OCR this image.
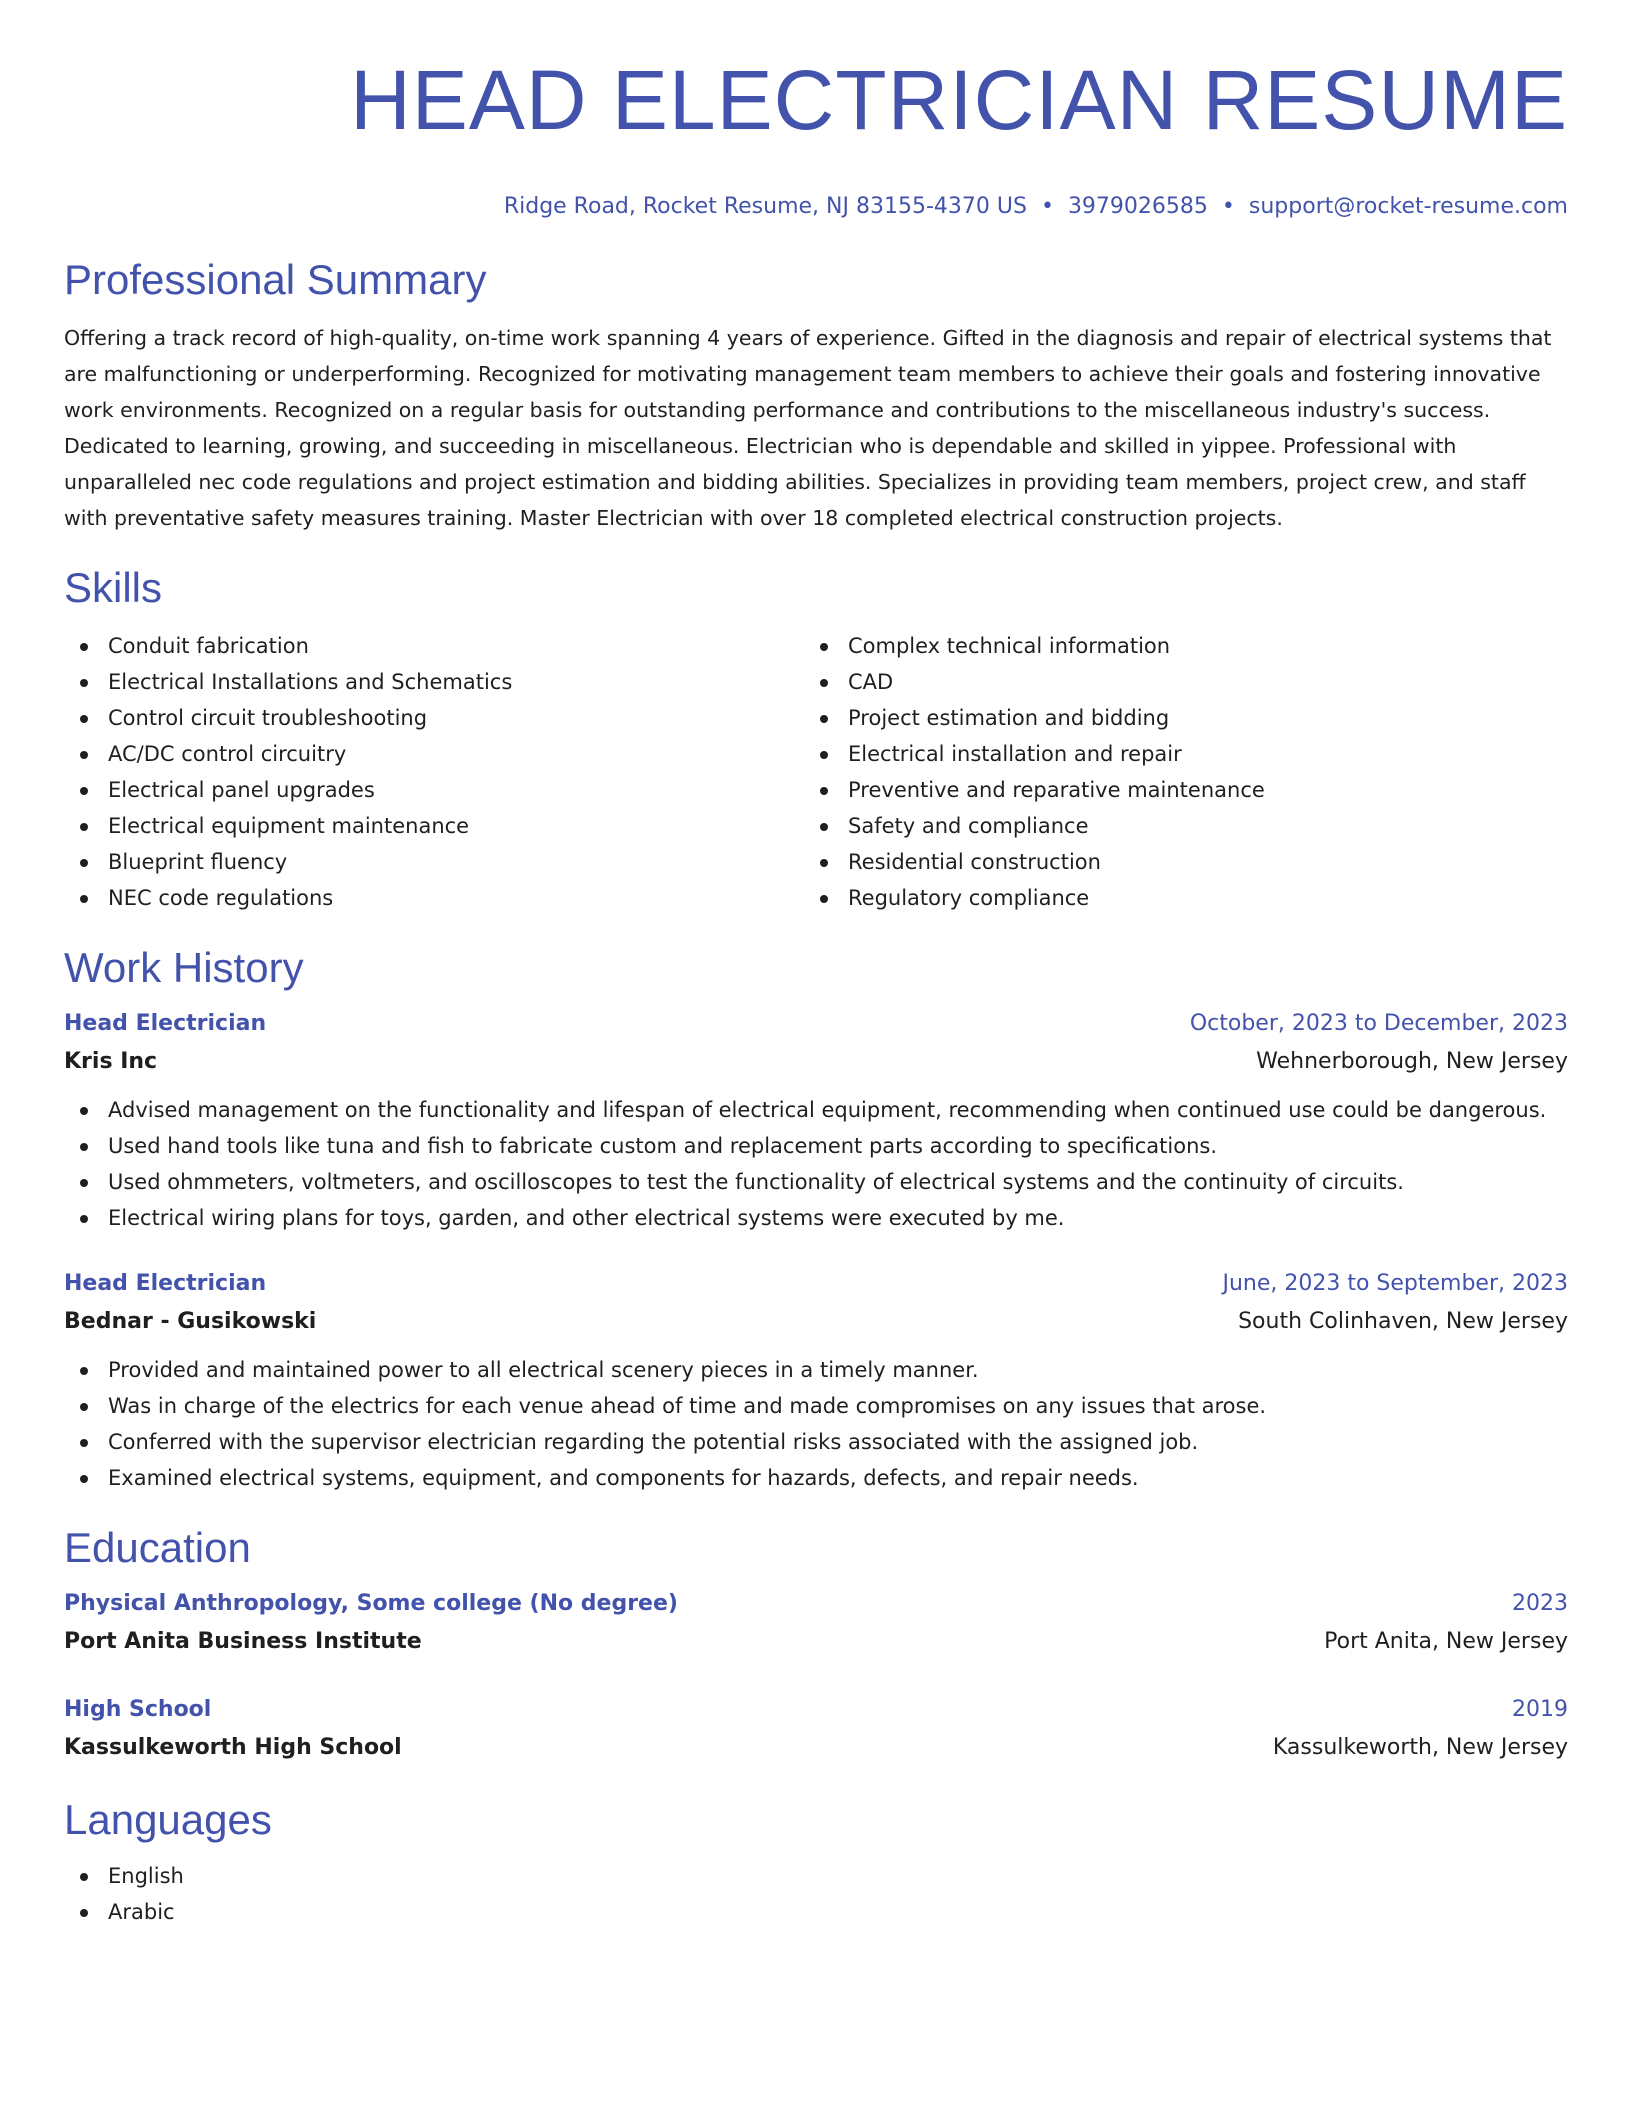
HEAD ELECTRICIAN RESUME
Ridge Road, Rocket Resume, NJ 83155-4370 US • 3979026585 • support@rocket-resume.com
Professional Summary

Offering a track record of high-quality, on-time work spanning 4 years of experience. Gifted in the diagnosis and repair of electrical systems that are malfunctioning or underperforming. Recognized for motivating management team members to achieve their goals and fostering innovative work environments. Recognized on a regular basis for outstanding performance and contributions to the miscellaneous industry's success. Dedicated to learning, growing, and succeeding in miscellaneous. Electrician who is dependable and skilled in yippee. Professional with unparalleled nec code regulations and project estimation and bidding abilities. Specializes in providing team members, project crew, and staff with preventative safety measures training. Master Electrician with over 18 completed electrical construction projects.

Skills
Conduit fabrication
Electrical Installations and Schematics
Control circuit troubleshooting
AC/DC control circuitry
Electrical panel upgrades
Electrical equipment maintenance
Blueprint fluency
NEC code regulations
Complex technical information
CAD
Project estimation and bidding
Electrical installation and repair
Preventive and reparative maintenance
Safety and compliance
Residential construction
Regulatory compliance
Work History
Head Electrician	October, 2023 to December, 2023
Kris Inc	Wehnerborough, New Jersey
Advised management on the functionality and lifespan of electrical equipment, recommending when continued use could be dangerous.
Used hand tools like tuna and fish to fabricate custom and replacement parts according to specifications.
Used ohmmeters, voltmeters, and oscilloscopes to test the functionality of electrical systems and the continuity of circuits.
Electrical wiring plans for toys, garden, and other electrical systems were executed by me.
Head Electrician	June, 2023 to September, 2023
Bednar - Gusikowski	South Colinhaven, New Jersey
Provided and maintained power to all electrical scenery pieces in a timely manner.
Was in charge of the electrics for each venue ahead of time and made compromises on any issues that arose.
Conferred with the supervisor electrician regarding the potential risks associated with the assigned job.
Examined electrical systems, equipment, and components for hazards, defects, and repair needs.
Education
Physical Anthropology, Some college (No degree)	2023
Port Anita Business Institute	Port Anita, New Jersey
High School	2019
Kassulkeworth High School	Kassulkeworth, New Jersey
Languages
English
Arabic
